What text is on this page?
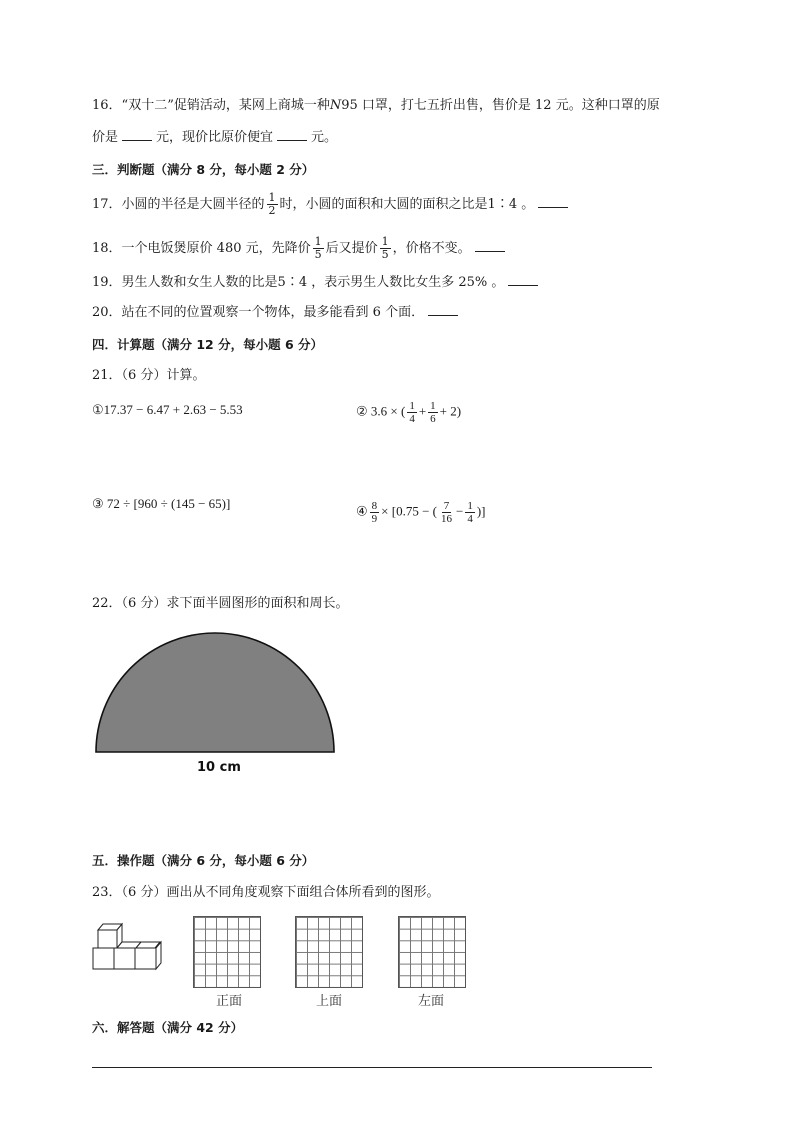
16．“双十二”促销活动，某网上商城一种N95 口罩，打七五折出售，售价是 12 元。这种口罩的原
价是	元，现价比原价便宜	元。
三．判断题（满分 8 分，每小题 2 分）
17．小圆的半径是大圆半径的 $\frac{1}{2}$ 时，小圆的面积和大圆的面积之比是1∶4 。
18．一个电饭煲原价 480 元，先降价 $\frac{1}{5}$ 后又提价 $\frac{1}{5}$ ，价格不变。
19．男生人数和女生人数的比是5∶4 ，表示男生人数比女生多 25% 。
20．站在不同的位置观察一个物体，最多能看到 6 个面．
四．计算题（满分 12 分，每小题 6 分）
21．（6 分）计算。
①17.37 − 6.47 + 2.63 − 5.53	② 3.6 × ( $\frac{1}{4} + \frac{1}{6} + 2$)
③ 72 ÷ [960 ÷ (145 − 65)]	④ $\frac{8}{9} \times [0.75$ − ( $\frac{7}{16} - \frac{1}{4}$ )]
22．（6 分）求下面半圆图形的面积和周长。
10 cm
五．操作题（满分 6 分，每小题 6 分）
23．（6 分）画出从不同角度观察下面组合体所看到的图形。
正面	上面	左面
六．解答题（满分 42 分）
